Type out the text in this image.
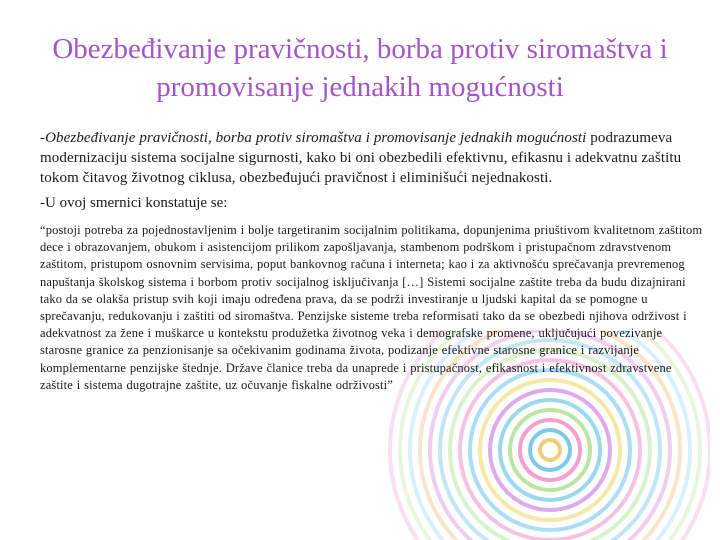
Obezbeđivanje pravičnosti, borba protiv siromaštva i promovisanje jednakih mogućnosti

-Obezbeđivanje pravičnosti, borba protiv siromaštva i promovisanje jednakih mogućnosti podrazumeva modernizaciju sistema socijalne sigurnosti, kako bi oni obezbedili efektivnu, efikasnu i adekvatnu zaštitu tokom čitavog životnog ciklusa, obezbeđujući pravičnost i eliminišući nejednakosti.

-U ovoj smernici konstatuje se:

“postoji potreba za pojednostavljenim i bolje targetiranim socijalnim politikama, dopunjenima priuštivom kvalitetnom zaštitom dece i obrazovanjem, obukom i asistencijom prilikom zapošljavanja, stambenom podrškom i pristupačnom zdravstvenom zaštitom, pristupom osnovnim servisima, poput bankovnog računa i interneta; kao i za aktivnošću sprečavanja prevremenog napuštanja školskog sistema i borbom protiv socijalnog isključivanja […] Sistemi socijalne zaštite treba da budu dizajnirani tako da se olakša pristup svih koji imaju određena prava, da se podrži investiranje u ljudski kapital da se pomogne u sprečavanju, redukovanju i zaštiti od siromaštva. Penzijske sisteme treba reformisati tako da se obezbedi njihova održivost i adekvatnost za žene i muškarce u kontekstu produžetka životnog veka i demografske promene, uključujući povezivanje starosne granice za penzionisanje sa očekivanim godinama života, podizanje efektivne starosne granice i razvijanje komplementarne penzijske štednje. Države članice treba da unaprede i pristupačnost, efikasnost i efektivnost zdravstvene zaštite i sistema dugotrajne zaštite, uz očuvanje fiskalne održivosti”
